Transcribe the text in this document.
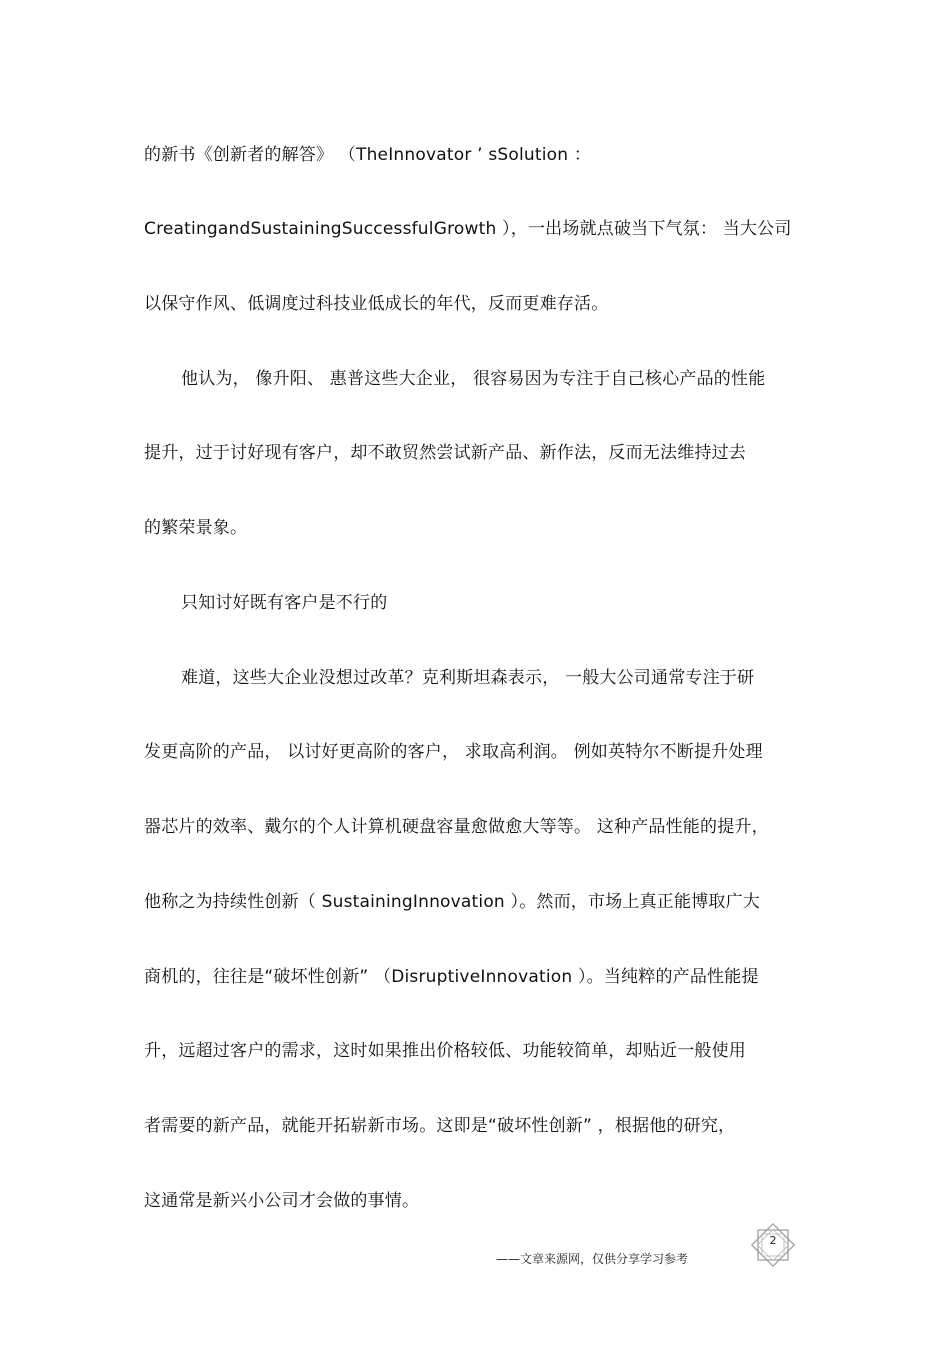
的新书《创新者的解答》 （TheInnovator ’ sSolution ：
CreatingandSustainingSuccessfulGrowth ），一出场就点破当下气氛： 当大公司
以保守作风、低调度过科技业低成长的年代，反而更难存活。
他认为， 像升阳、 惠普这些大企业， 很容易因为专注于自己核心产品的性能
提升，过于讨好现有客户，却不敢贸然尝试新产品、新作法，反而无法维持过去
的繁荣景象。
只知讨好既有客户是不行的
难道，这些大企业没想过改革？克利斯坦森表示， 一般大公司通常专注于研
发更高阶的产品， 以讨好更高阶的客户， 求取高利润。 例如英特尔不断提升处理
器芯片的效率、戴尔的个人计算机硬盘容量愈做愈大等等。 这种产品性能的提升，
他称之为持续性创新（ SustainingInnovation ）。然而，市场上真正能博取广大
商机的，往往是“破坏性创新” （DisruptiveInnovation ）。当纯粹的产品性能提
升，远超过客户的需求，这时如果推出价格较低、功能较简单，却贴近一般使用
者需要的新产品，就能开拓崭新市场。这即是“破坏性创新” ，根据他的研究，
这通常是新兴小公司才会做的事情。
2
——文章来源网，仅供分享学习参考
